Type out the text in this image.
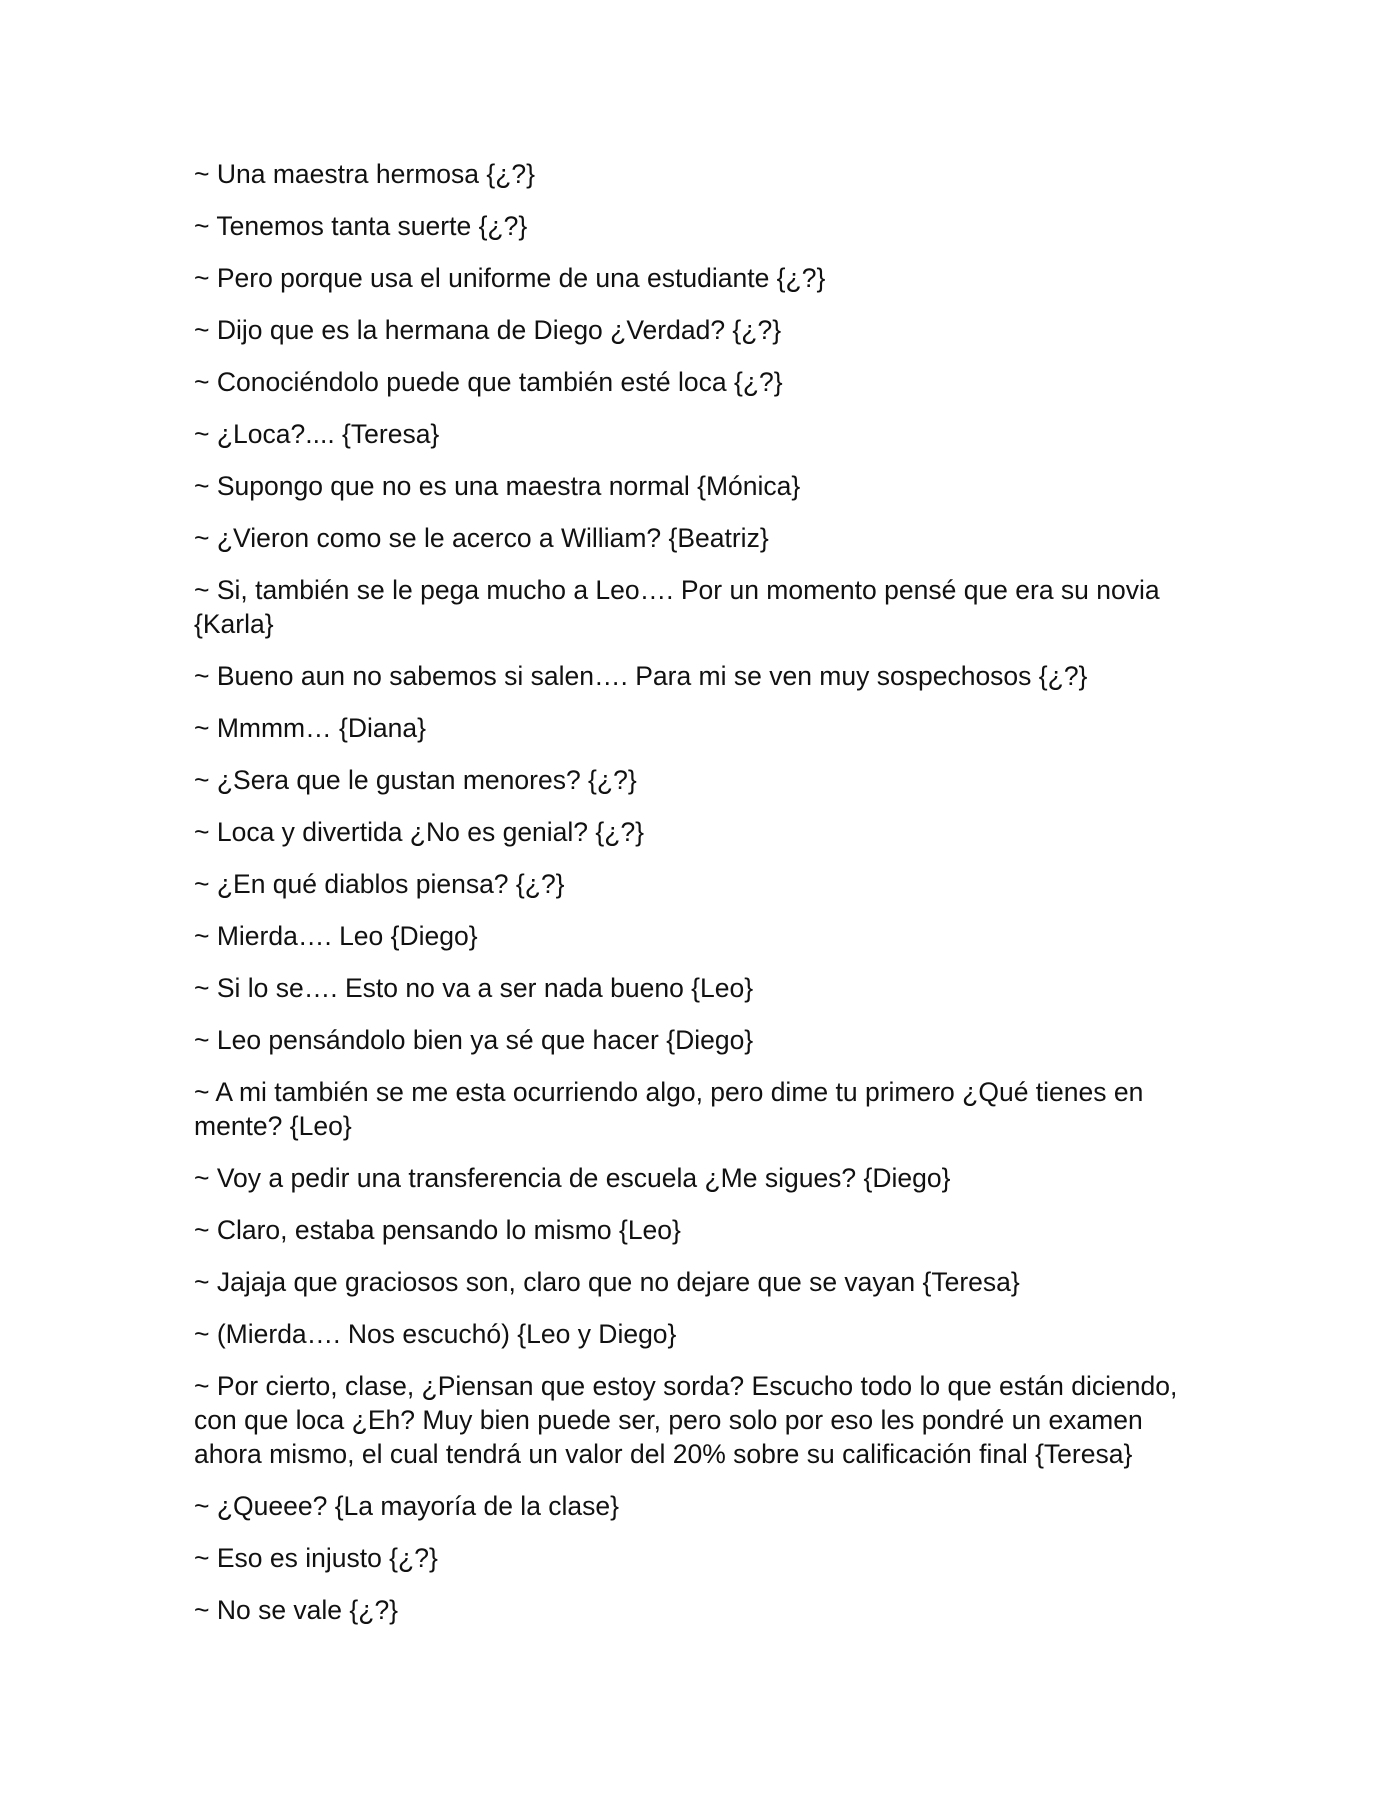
~ Una maestra hermosa {¿?}
~ Tenemos tanta suerte {¿?}
~ Pero porque usa el uniforme de una estudiante {¿?}
~ Dijo que es la hermana de Diego ¿Verdad? {¿?}
~ Conociéndolo puede que también esté loca {¿?}
~ ¿Loca?.... {Teresa}
~ Supongo que no es una maestra normal {Mónica}
~ ¿Vieron como se le acerco a William? {Beatriz}
~ Si, también se le pega mucho a Leo…. Por un momento pensé que era su novia {Karla}
~ Bueno aun no sabemos si salen…. Para mi se ven muy sospechosos {¿?}
~ Mmmm… {Diana}
~ ¿Sera que le gustan menores? {¿?}
~ Loca y divertida ¿No es genial? {¿?}
~ ¿En qué diablos piensa? {¿?}
~ Mierda…. Leo {Diego}
~ Si lo se…. Esto no va a ser nada bueno {Leo}
~ Leo pensándolo bien ya sé que hacer {Diego}
~ A mi también se me esta ocurriendo algo, pero dime tu primero ¿Qué tienes en mente? {Leo}
~ Voy a pedir una transferencia de escuela ¿Me sigues? {Diego}
~ Claro, estaba pensando lo mismo {Leo}
~ Jajaja que graciosos son, claro que no dejare que se vayan {Teresa}
~ (Mierda…. Nos escuchó) {Leo y Diego}
~ Por cierto, clase, ¿Piensan que estoy sorda? Escucho todo lo que están diciendo, con que loca ¿Eh? Muy bien puede ser, pero solo por eso les pondré un examen ahora mismo, el cual tendrá un valor del 20% sobre su calificación final {Teresa}
~ ¿Queee? {La mayoría de la clase}
~ Eso es injusto {¿?}
~ No se vale {¿?}
